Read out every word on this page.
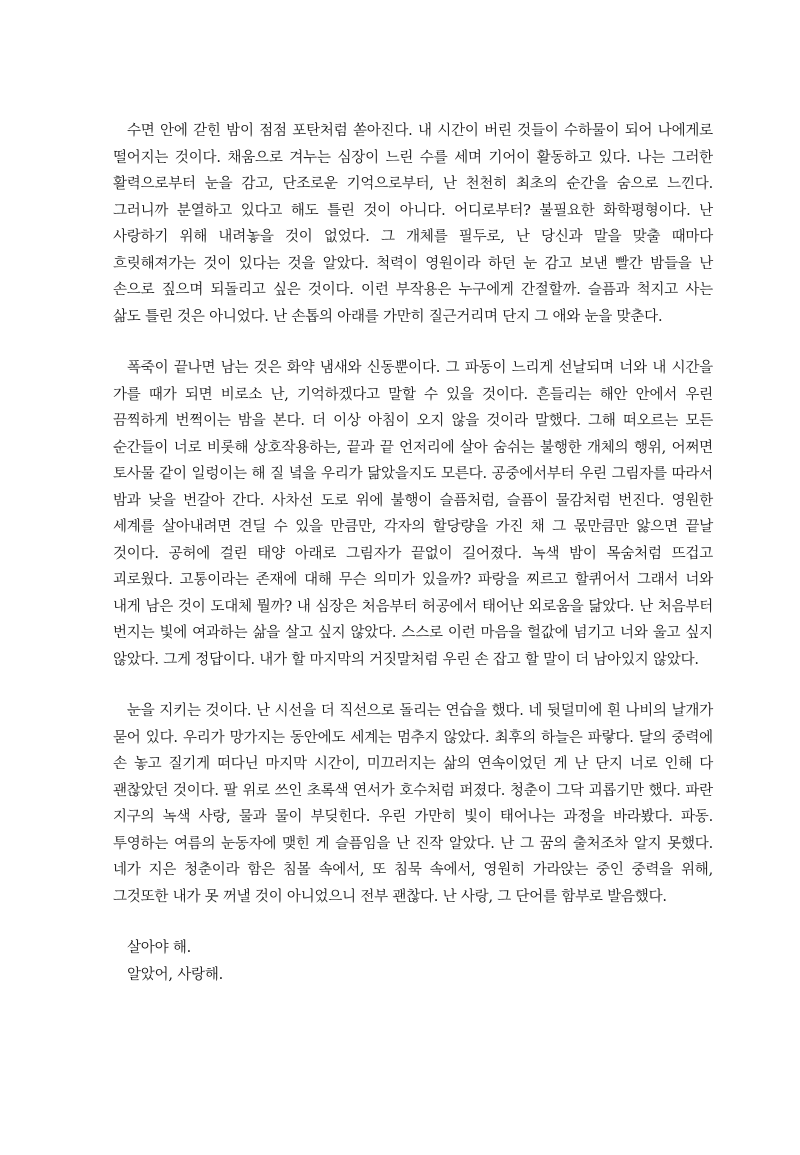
수면 안에 갇힌 밤이 점점 포탄처럼 쏟아진다. 내 시간이 버린 것들이 수하물이 되어 나에게로 떨어지는 것이다. 채움으로 겨누는 심장이 느린 수를 세며 기어이 활동하고 있다. 나는 그러한 활력으로부터 눈을 감고, 단조로운 기억으로부터, 난 천천히 최초의 순간을 숨으로 느낀다. 그러니까 분열하고 있다고 해도 틀린 것이 아니다. 어디로부터? 불필요한 화학평형이다. 난 사랑하기 위해 내려놓을 것이 없었다. 그 개체를 필두로, 난 당신과 말을 맞출 때마다 흐릿해져가는 것이 있다는 것을 알았다. 척력이 영원이라 하던 눈 감고 보낸 빨간 밤들을 난 손으로 짚으며 되돌리고 싶은 것이다. 이런 부작용은 누구에게 간절할까. 슬픔과 척지고 사는 삶도 틀린 것은 아니었다. 난 손톱의 아래를 가만히 질근거리며 단지 그 애와 눈을 맞춘다.

폭죽이 끝나면 남는 것은 화약 냄새와 신동뿐이다. 그 파동이 느리게 선날되며 너와 내 시간을 가를 때가 되면 비로소 난, 기억하겠다고 말할 수 있을 것이다. 흔들리는 해안 안에서 우린 끔찍하게 번쩍이는 밤을 본다. 더 이상 아침이 오지 않을 것이라 말했다. 그해 떠오르는 모든 순간들이 너로 비롯해 상호작용하는, 끝과 끝 언저리에 살아 숨쉬는 불행한 개체의 행위, 어쩌면 토사물 같이 일렁이는 해 질 녘을 우리가 닮았을지도 모른다. 공중에서부터 우린 그림자를 따라서 밤과 낮을 번갈아 간다. 사차선 도로 위에 불행이 슬픔처럼, 슬픔이 물감처럼 번진다. 영원한 세계를 살아내려면 견딜 수 있을 만큼만, 각자의 할당량을 가진 채 그 몫만큼만 앓으면 끝날 것이다. 공허에 걸린 태양 아래로 그림자가 끝없이 길어졌다. 녹색 밤이 목숨처럼 뜨겁고 괴로웠다. 고통이라는 존재에 대해 무슨 의미가 있을까? 파랑을 찌르고 할퀴어서 그래서 너와 내게 남은 것이 도대체 뭘까? 내 심장은 처음부터 허공에서 태어난 외로움을 닮았다. 난 처음부터 번지는 빛에 여과하는 삶을 살고 싶지 않았다. 스스로 이런 마음을 헐값에 넘기고 너와 울고 싶지 않았다. 그게 정답이다. 내가 할 마지막의 거짓말처럼 우린 손 잡고 할 말이 더 남아있지 않았다.

눈을 지키는 것이다. 난 시선을 더 직선으로 돌리는 연습을 했다. 네 뒷덜미에 흰 나비의 날개가 묻어 있다. 우리가 망가지는 동안에도 세계는 멈추지 않았다. 최후의 하늘은 파랗다. 달의 중력에 손 놓고 질기게 떠다닌 마지막 시간이, 미끄러지는 삶의 연속이었던 게 난 단지 너로 인해 다 괜찮았던 것이다. 팔 위로 쓰인 초록색 연서가 호수처럼 퍼졌다. 청춘이 그닥 괴롭기만 했다. 파란 지구의 녹색 사랑, 물과 물이 부딪힌다. 우린 가만히 빛이 태어나는 과정을 바라봤다. 파동. 투영하는 여름의 눈동자에 맺힌 게 슬픔임을 난 진작 알았다. 난 그 꿈의 출처조차 알지 못했다. 네가 지은 청춘이라 함은 침몰 속에서, 또 침묵 속에서, 영원히 가라앉는 중인 중력을 위해, 그것또한 내가 못 꺼낼 것이 아니었으니 전부 괜찮다. 난 사랑, 그 단어를 함부로 발음했다.

살아야 해.

알았어, 사랑해.
